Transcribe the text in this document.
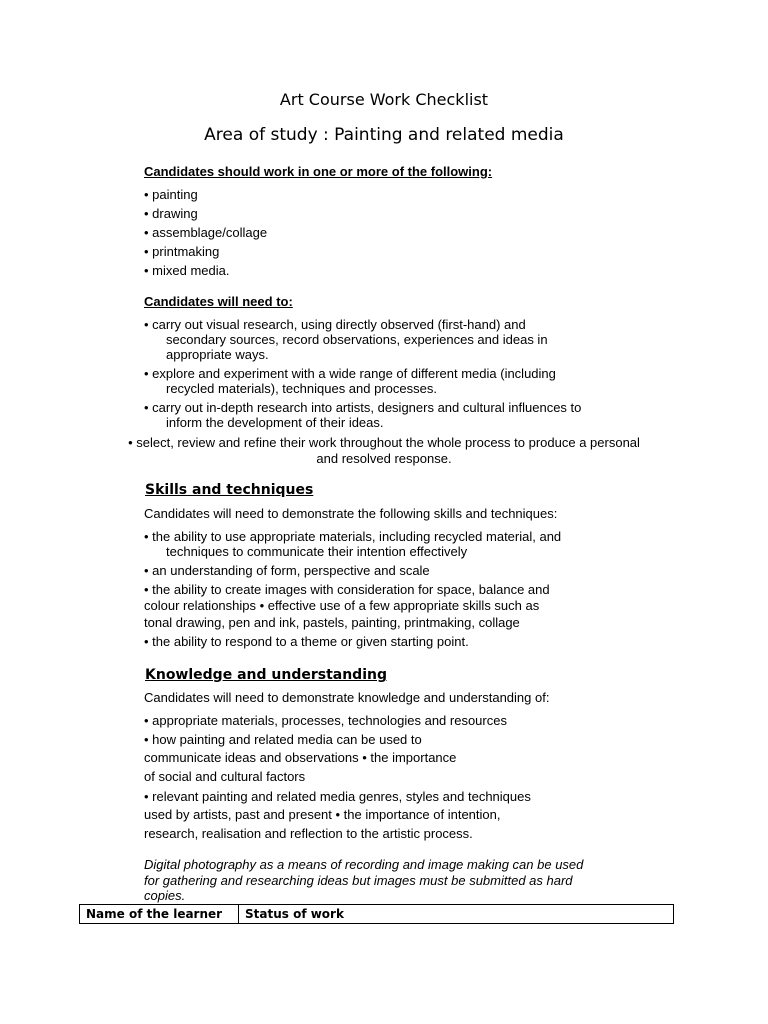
Art Course Work Checklist
Area of study : Painting and related media
Candidates should work in one or more of the following:
• painting
• drawing
• assemblage/collage
• printmaking
• mixed media.
Candidates will need to:
• carry out visual research, using directly observed (first-hand) and
secondary sources, record observations, experiences and ideas in
appropriate ways.
• explore and experiment with a wide range of different media (including
recycled materials), techniques and processes.
• carry out in-depth research into artists, designers and cultural influences to
inform the development of their ideas.
• select, review and refine their work throughout the whole process to produce a personal
and resolved response.
Skills and techniques
Candidates will need to demonstrate the following skills and techniques:
• the ability to use appropriate materials, including recycled material, and
techniques to communicate their intention effectively
• an understanding of form, perspective and scale
• the ability to create images with consideration for space, balance and
colour relationships • effective use of a few appropriate skills such as
tonal drawing, pen and ink, pastels, painting, printmaking, collage
• the ability to respond to a theme or given starting point.
Knowledge and understanding
Candidates will need to demonstrate knowledge and understanding of:
• appropriate materials, processes, technologies and resources
• how painting and related media can be used to
communicate ideas and observations • the importance
of social and cultural factors
• relevant painting and related media genres, styles and techniques
used by artists, past and present • the importance of intention,
research, realisation and reflection to the artistic process.
Digital photography as a means of recording and image making can be used
for gathering and researching ideas but images must be submitted as hard
copies.
Name of the learner	Status of work
